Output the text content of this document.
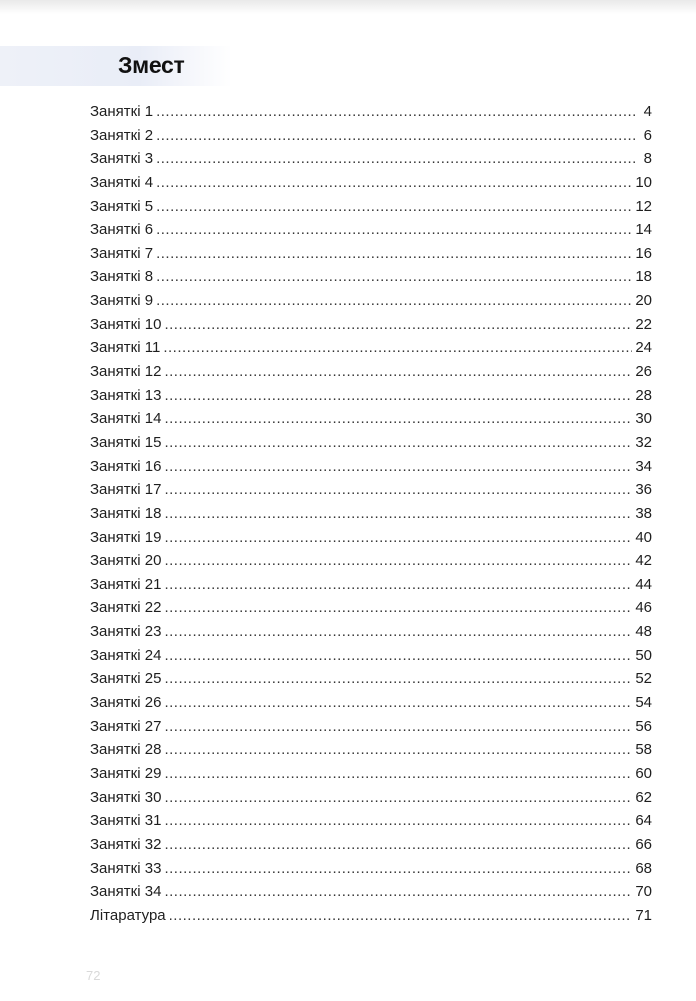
Змест
Заняткі 1 .....	4
Заняткі 2 .....	6
Заняткі 3 .....	8
Заняткі 4 .....	10
Заняткі 5 .....	12
Заняткі 6 .....	14
Заняткі 7 .....	16
Заняткі 8 .....	18
Заняткі 9 .....	20
Заняткі 10 .....	22
Заняткі 11 .....	24
Заняткі 12 .....	26
Заняткі 13 .....	28
Заняткі 14 .....	30
Заняткі 15 .....	32
Заняткі 16 .....	34
Заняткі 17 .....	36
Заняткі 18 .....	38
Заняткі 19 .....	40
Заняткі 20 .....	42
Заняткі 21 .....	44
Заняткі 22 .....	46
Заняткі 23 .....	48
Заняткі 24 .....	50
Заняткі 25 .....	52
Заняткі 26 .....	54
Заняткі 27 .....	56
Заняткі 28 .....	58
Заняткі 29 .....	60
Заняткі 30 .....	62
Заняткі 31 .....	64
Заняткі 32 .....	66
Заняткі 33 .....	68
Заняткі 34 .....	70
Літаратура .....	71
72
